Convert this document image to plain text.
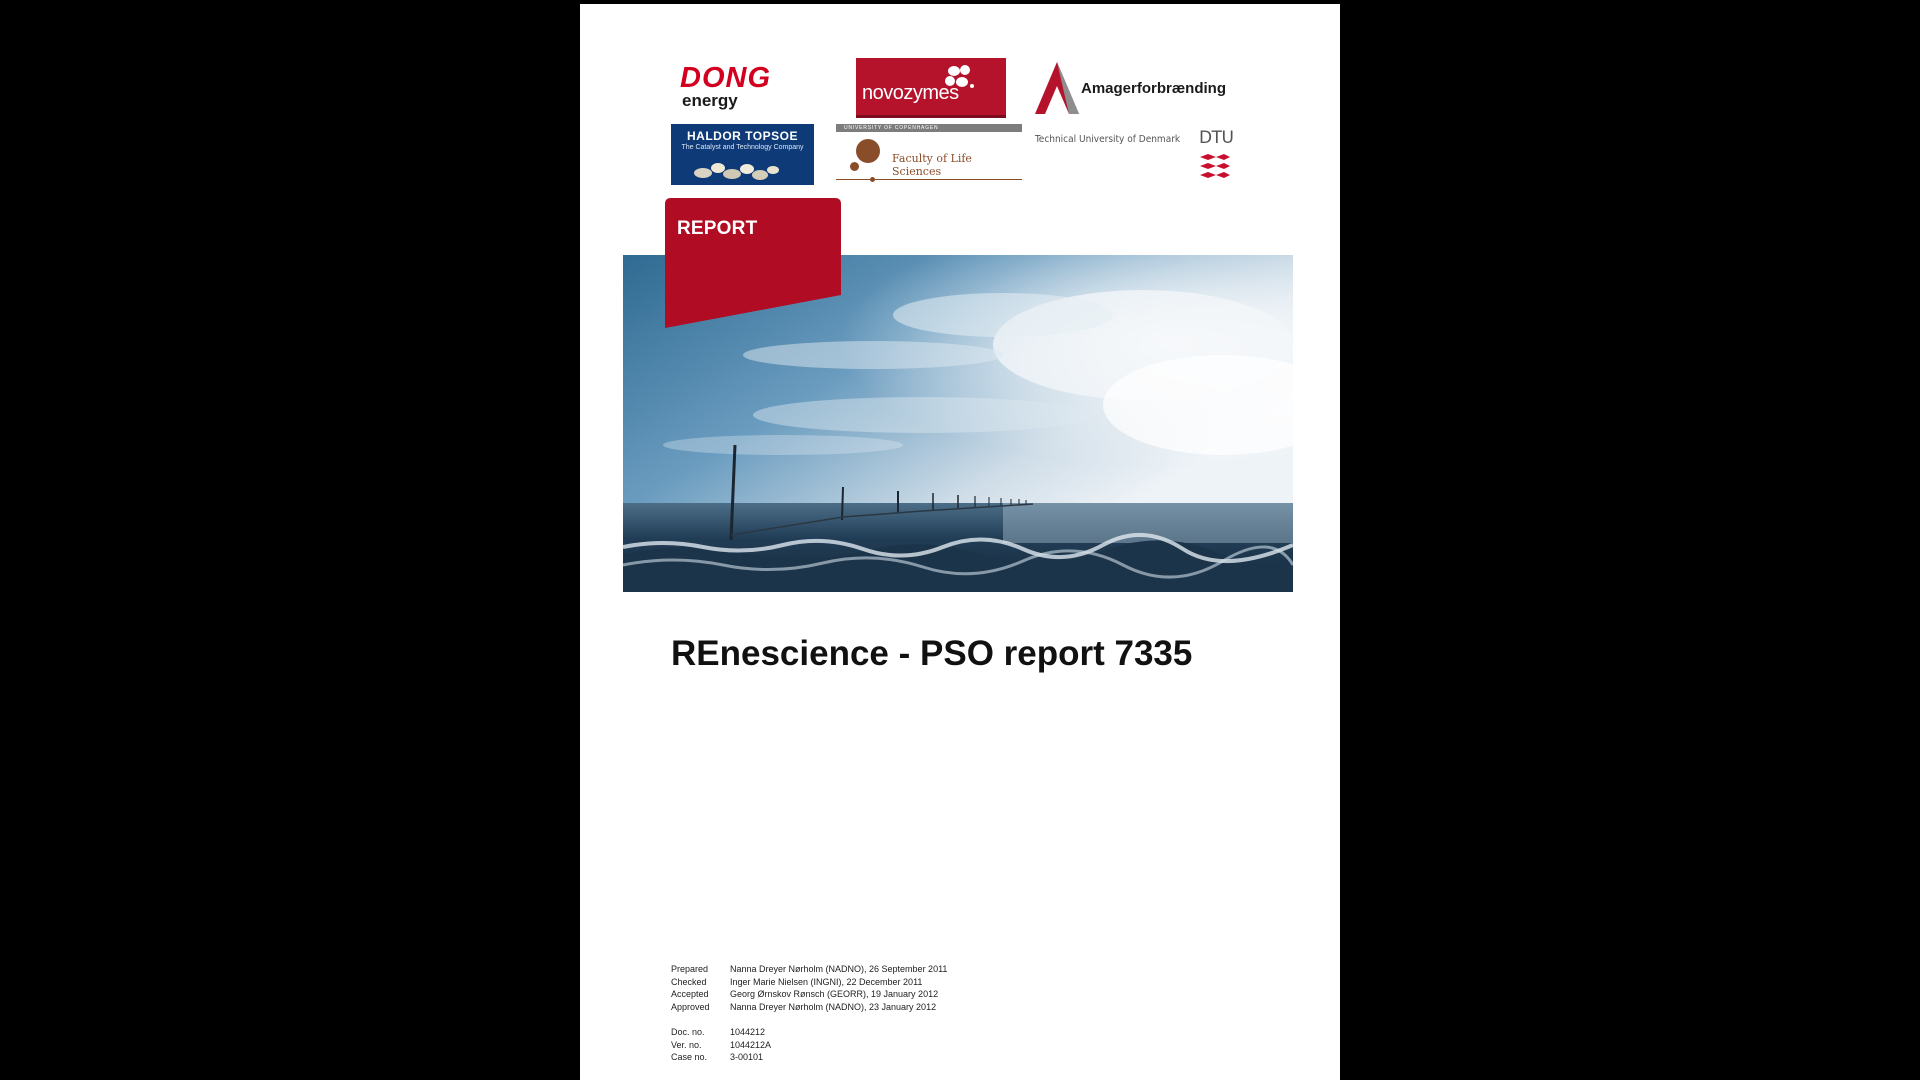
DONG
energy	novozymes	Amagerforbrænding
HALDOR TOPSOE
The Catalyst and Technology Company
UNIVERSITY OF COPENHAGEN
Faculty of Life Sciences
Technical University of Denmark DTU
REPORT
REnescience - PSO report 7335
Prepared	Nanna Dreyer Nørholm (NADNO), 26 September 2011
Checked	Inger Marie Nielsen (INGNI), 22 December 2011
Accepted	Georg Ørnskov Rønsch (GEORR), 19 January 2012
Approved	Nanna Dreyer Nørholm (NADNO), 23 January 2012
Doc. no.	1044212
Ver. no.	1044212A
Case no.	3-00101
